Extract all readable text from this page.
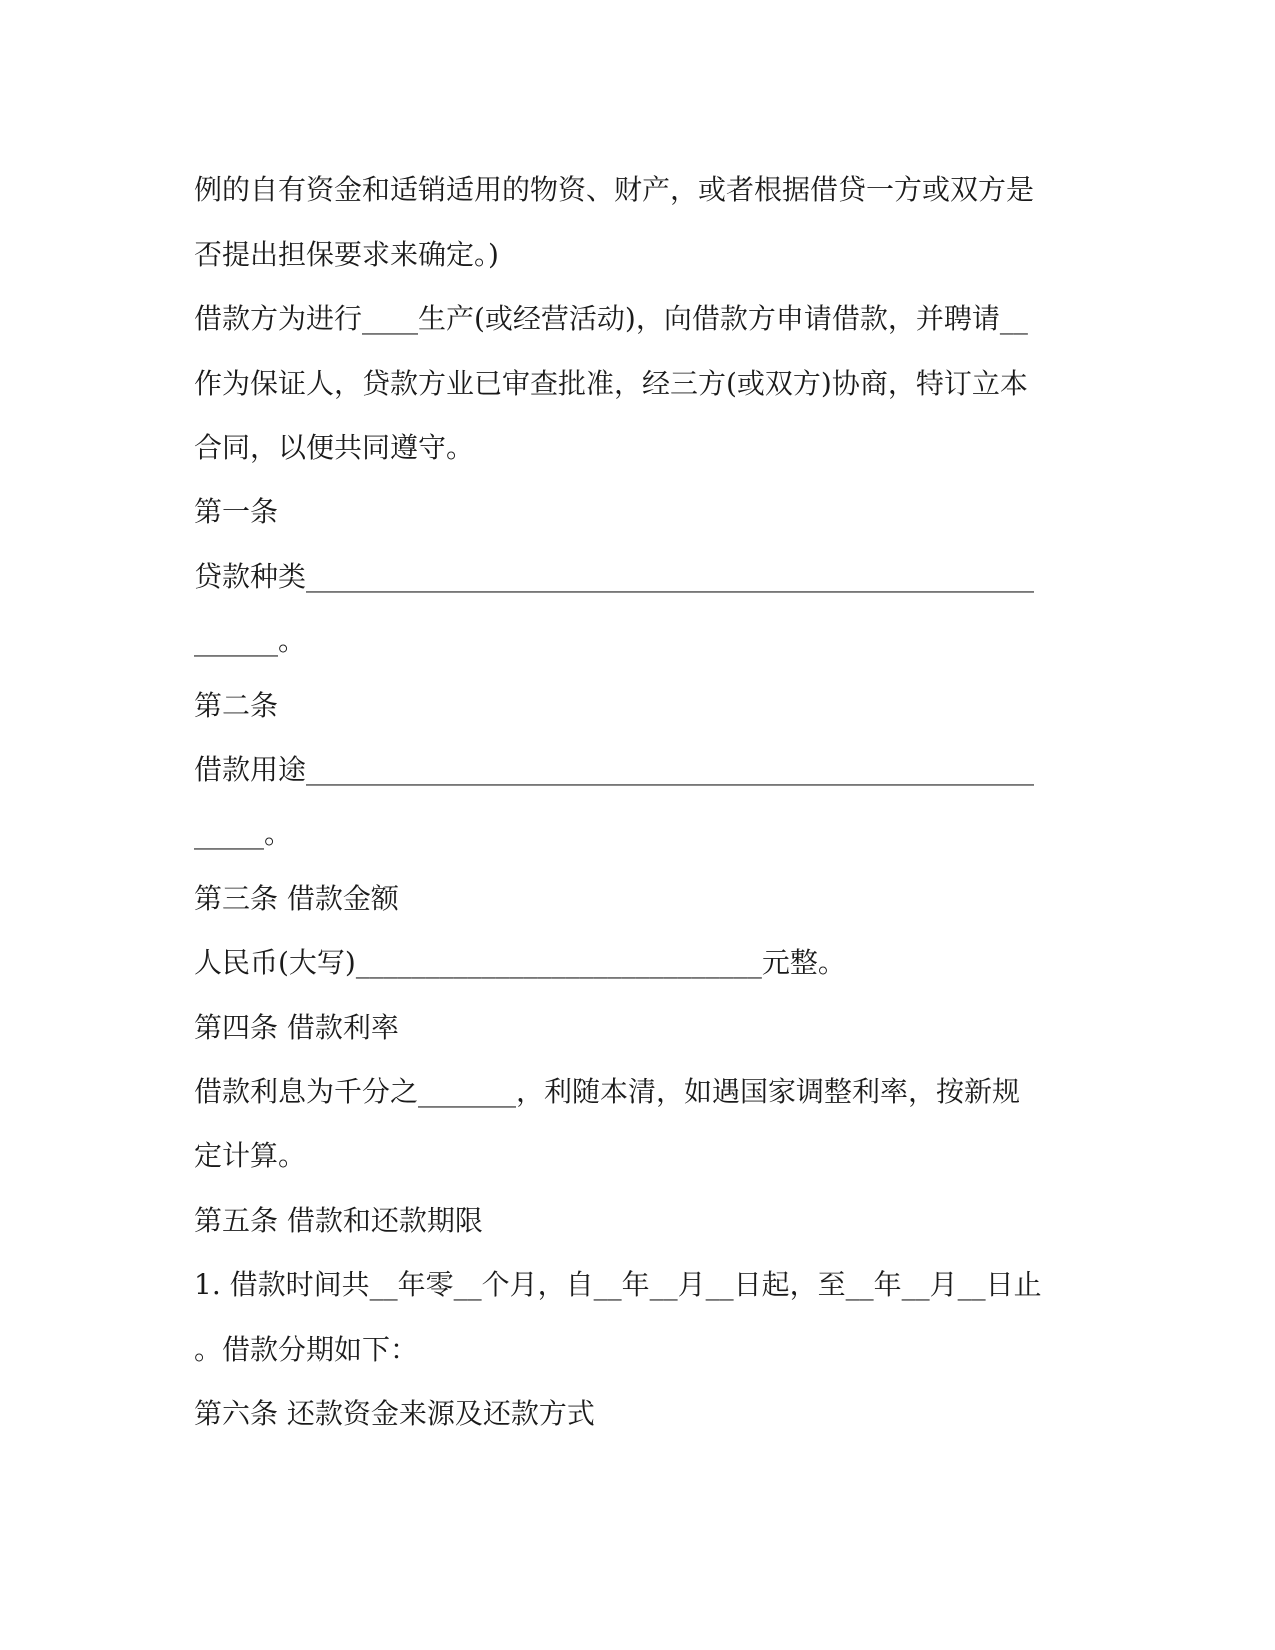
例的自有资金和适销适用的物资、财产，或者根据借贷一方或双方是
否提出担保要求来确定。)
借款方为进行____生产(或经营活动)，向借款方申请借款，并聘请__
作为保证人，贷款方业已审查批准，经三方(或双方)协商，特订立本
合同，以便共同遵守。
第一条
贷款种类____________________________________________________
______。
第二条
借款用途____________________________________________________
_____。
第三条 借款金额
人民币(大写)_____________________________元整。
第四条 借款利率
借款利息为千分之_______，利随本清，如遇国家调整利率，按新规
定计算。
第五条 借款和还款期限
1. 借款时间共__年零__个月，自__年__月__日起，至__年__月__日止
。借款分期如下：
第六条 还款资金来源及还款方式
